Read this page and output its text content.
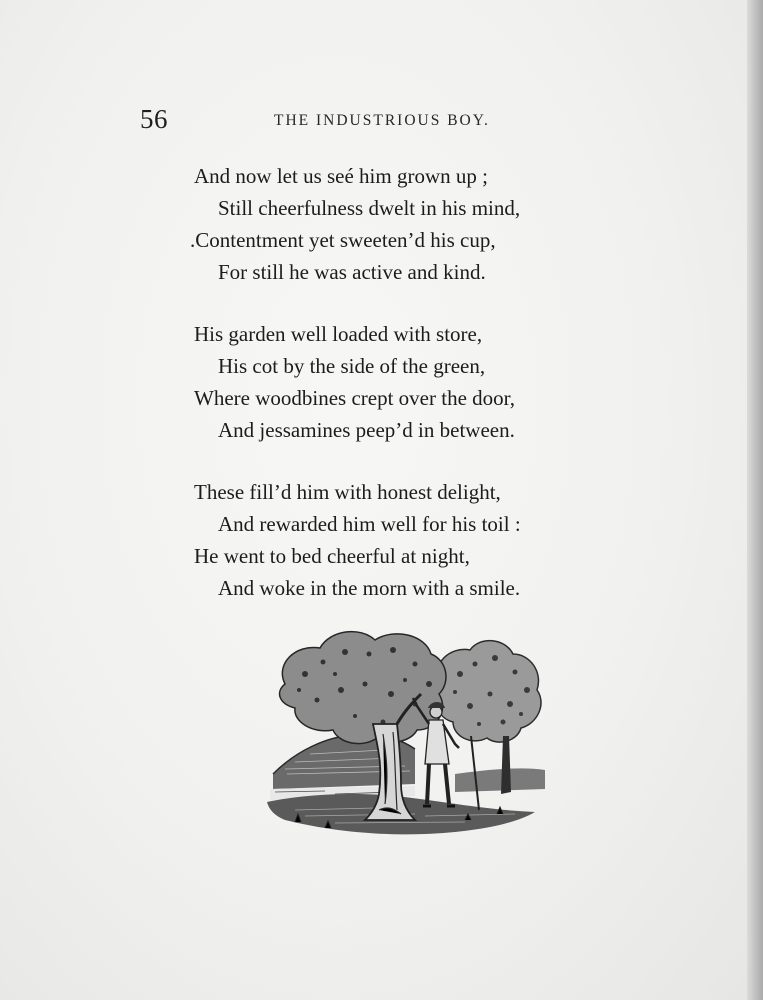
56	THE INDUSTRIOUS BOY.
And now let us seé him grown up ;
Still cheerfulness dwelt in his mind,
.Contentment yet sweeten’d his cup,
For still he was active and kind.
His garden well loaded with store,
His cot by the side of the green,
Where woodbines crept over the door,
And jessamines peep’d in between.
These fill’d him with honest delight,
And rewarded him well for his toil :
He went to bed cheerful at night,
And woke in the morn with a smile.
